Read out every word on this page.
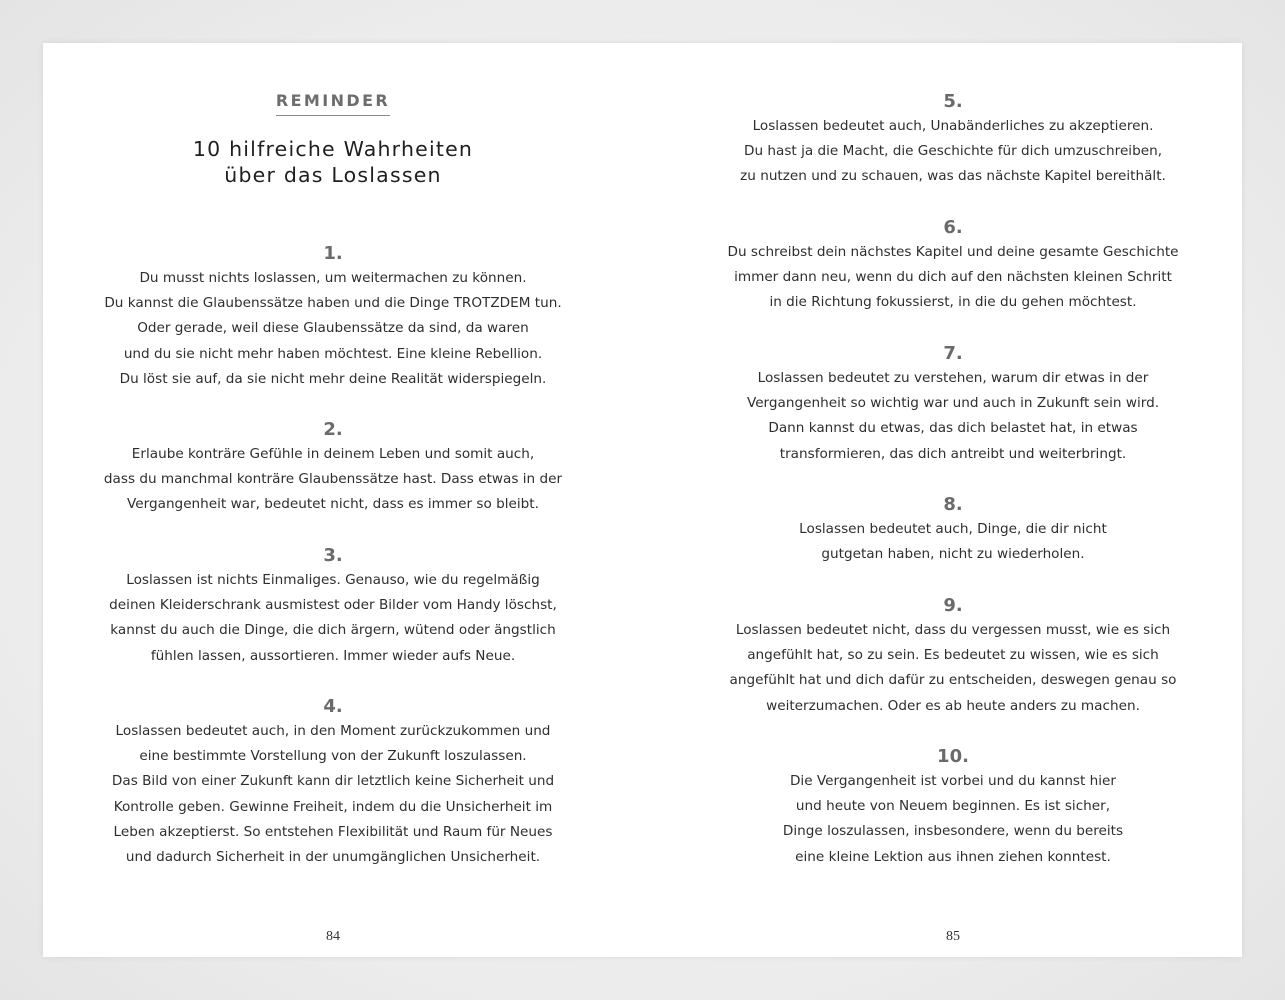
REMINDER
10 hilfreiche Wahrheiten
über das Loslassen
1.
Du musst nichts loslassen, um weitermachen zu können.
Du kannst die Glaubenssätze haben und die Dinge TROTZDEM tun.
Oder gerade, weil diese Glaubenssätze da sind, da waren
und du sie nicht mehr haben möchtest. Eine kleine Rebellion.
Du löst sie auf, da sie nicht mehr deine Realität widerspiegeln.
2.
Erlaube konträre Gefühle in deinem Leben und somit auch,
dass du manchmal konträre Glaubenssätze hast. Dass etwas in der
Vergangenheit war, bedeutet nicht, dass es immer so bleibt.
3.
Loslassen ist nichts Einmaliges. Genauso, wie du regelmäßig
deinen Kleiderschrank ausmistest oder Bilder vom Handy löschst,
kannst du auch die Dinge, die dich ärgern, wütend oder ängstlich
fühlen lassen, aussortieren. Immer wieder aufs Neue.
4.
Loslassen bedeutet auch, in den Moment zurückzukommen und
eine bestimmte Vorstellung von der Zukunft loszulassen.
Das Bild von einer Zukunft kann dir letztlich keine Sicherheit und
Kontrolle geben. Gewinne Freiheit, indem du die Unsicherheit im
Leben akzeptierst. So entstehen Flexibilität und Raum für Neues
und dadurch Sicherheit in der unumgänglichen Unsicherheit.
84
5.
Loslassen bedeutet auch, Unabänderliches zu akzeptieren.
Du hast ja die Macht, die Geschichte für dich umzuschreiben,
zu nutzen und zu schauen, was das nächste Kapitel bereithält.
6.
Du schreibst dein nächstes Kapitel und deine gesamte Geschichte
immer dann neu, wenn du dich auf den nächsten kleinen Schritt
in die Richtung fokussierst, in die du gehen möchtest.
7.
Loslassen bedeutet zu verstehen, warum dir etwas in der
Vergangenheit so wichtig war und auch in Zukunft sein wird.
Dann kannst du etwas, das dich belastet hat, in etwas
transformieren, das dich antreibt und weiterbringt.
8.
Loslassen bedeutet auch, Dinge, die dir nicht
gutgetan haben, nicht zu wiederholen.
9.
Loslassen bedeutet nicht, dass du vergessen musst, wie es sich
angefühlt hat, so zu sein. Es bedeutet zu wissen, wie es sich
angefühlt hat und dich dafür zu entscheiden, deswegen genau so
weiterzumachen. Oder es ab heute anders zu machen.
10.
Die Vergangenheit ist vorbei und du kannst hier
und heute von Neuem beginnen. Es ist sicher,
Dinge loszulassen, insbesondere, wenn du bereits
eine kleine Lektion aus ihnen ziehen konntest.
85
